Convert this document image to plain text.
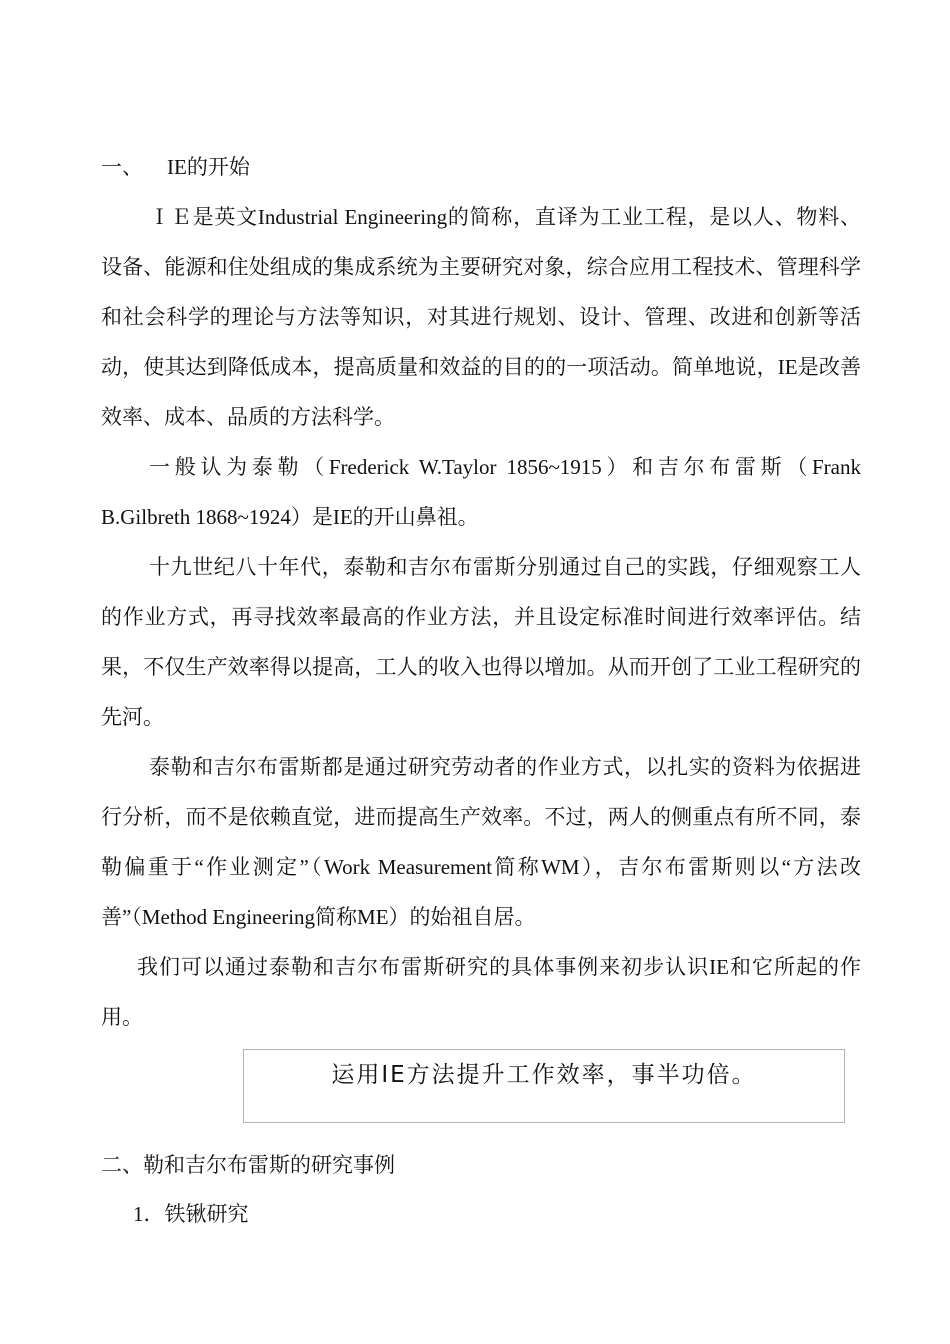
一、 IE的开始

ＩＥ是英文Industrial Engineering的简称，直译为工业工程，是以人、物料、设备、能源和住处组成的集成系统为主要研究对象，综合应用工程技术、管理科学和社会科学的理论与方法等知识，对其进行规划、设计、管理、改进和创新等活动，使其达到降低成本，提高质量和效益的目的的一项活动。简单地说，IE是改善效率、成本、品质的方法科学。

一般认为泰勒（Frederick W.Taylor 1856~1915）和吉尔布雷斯（Frank B.Gilbreth 1868~1924）是IE的开山鼻祖。

十九世纪八十年代，泰勒和吉尔布雷斯分别通过自己的实践，仔细观察工人的作业方式，再寻找效率最高的作业方法，并且设定标准时间进行效率评估。结果，不仅生产效率得以提高，工人的收入也得以增加。从而开创了工业工程研究的先河。

泰勒和吉尔布雷斯都是通过研究劳动者的作业方式，以扎实的资料为依据进行分析，而不是依赖直觉，进而提高生产效率。不过，两人的侧重点有所不同，泰勒偏重于“作业测定”（Work Measurement简称WM），吉尔布雷斯则以“方法改善”（Method Engineering简称ME）的始祖自居。

我们可以通过泰勒和吉尔布雷斯研究的具体事例来初步认识IE和它所起的作用。

运用IE方法提升工作效率，事半功倍。
二、勒和吉尔布雷斯的研究事例
1．铁锹研究
